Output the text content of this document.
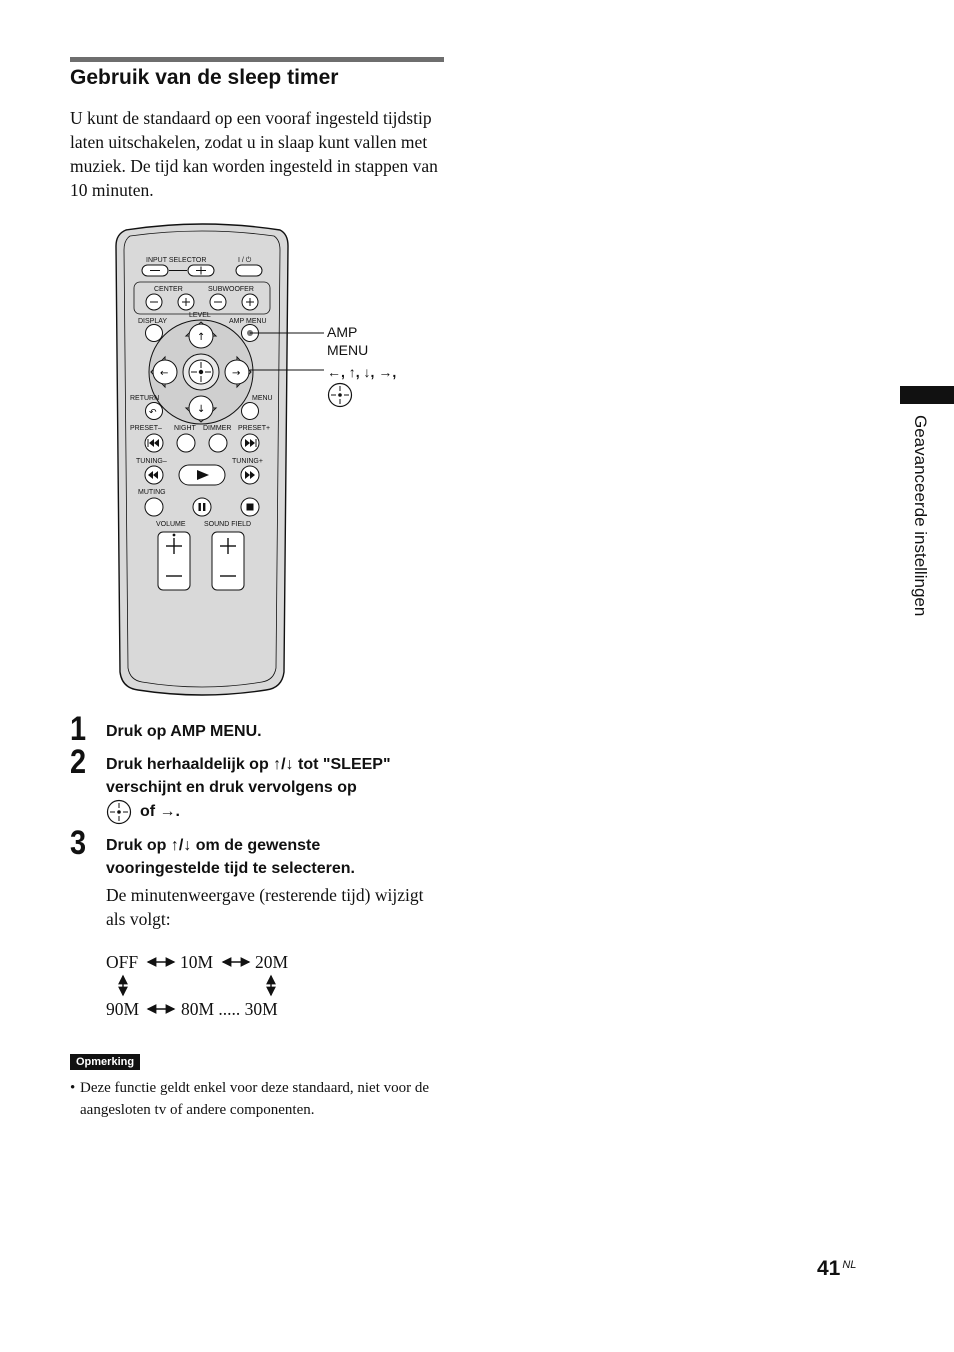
Gebruik van de sleep timer

U kunt de standaard op een vooraf ingesteld tijdstip laten uitschakelen, zodat u in slaap kunt vallen met muziek. De tijd kan worden ingesteld in stappen van 10 minuten.

INPUT SELECTOR	I / ⏻
CENTER	SUBWOOFER
LEVEL
DISPLAY	AMP MENU
↑
↓
←	→
RETURN	MENU
↶
PRESET– NIGHT DIMMER PRESET+
TUNING–	TUNING+
MUTING
VOLUME	SOUND FIELD
AMP
MENU
←, ↑, ↓, →,
1 Druk op AMP MENU.
2 Druk herhaaldelijk op ↑/↓ tot "SLEEP"
verschijnt en druk vervolgens op
of →.
3 Druk op ↑/↓ om de gewenste
vooringestelde tijd te selecteren.
De minutenweergave (resterende tijd) wijzigt als volgt:
OFF 10M 20M
90M 80M ..... 30M
Opmerking
• Deze functie geldt enkel voor deze standaard, niet voor de aangesloten tv of andere componenten.
Geavanceerde instellingen
41 $^{NL}$
